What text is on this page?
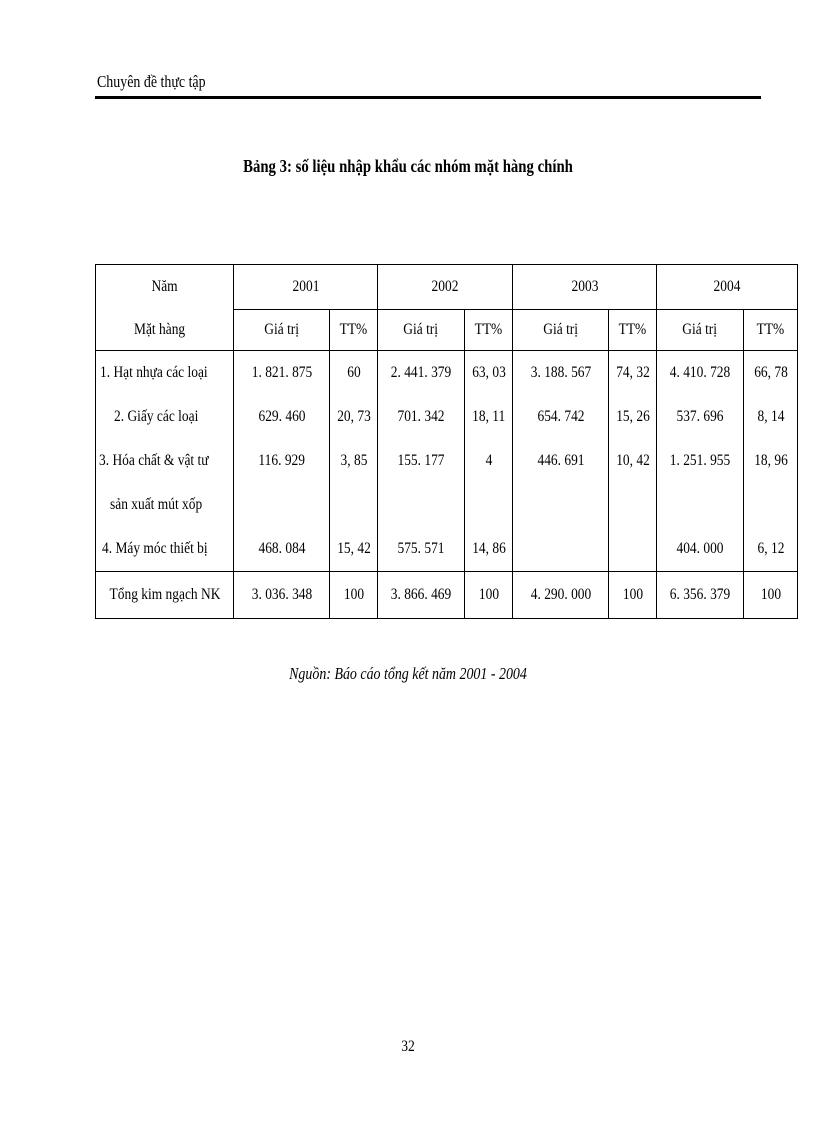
Chuyên đề thực tập
Bảng 3: số liệu nhập khẩu các nhóm mặt hàng chính
Năm	2001		2002		2003		2004	
Mặt hàng	Giá trị	TT%	Giá trị	TT%	Giá trị	TT%	Giá trị	TT%
1. Hạt nhựa các loại	1. 821. 875	60	2. 441. 379	63, 03	3. 188. 567	74, 32	4. 410. 728	66, 78
2. Giấy các loại	629. 460	20, 73	701. 342	18, 11	654. 742	15, 26	537. 696	8, 14
3. Hóa chất & vật tư	116. 929	3, 85	155. 177	4	446. 691	10, 42	1. 251. 955	18, 96
sản xuất mút xốp								
4. Máy móc thiết bị	468. 084	15, 42	575. 571	14, 86			404. 000	6, 12
Tổng kim ngạch NK	3. 036. 348	100	3. 866. 469	100	4. 290. 000	100	6. 356. 379	100
Nguồn: Báo cáo tổng kết năm 2001 - 2004
32
